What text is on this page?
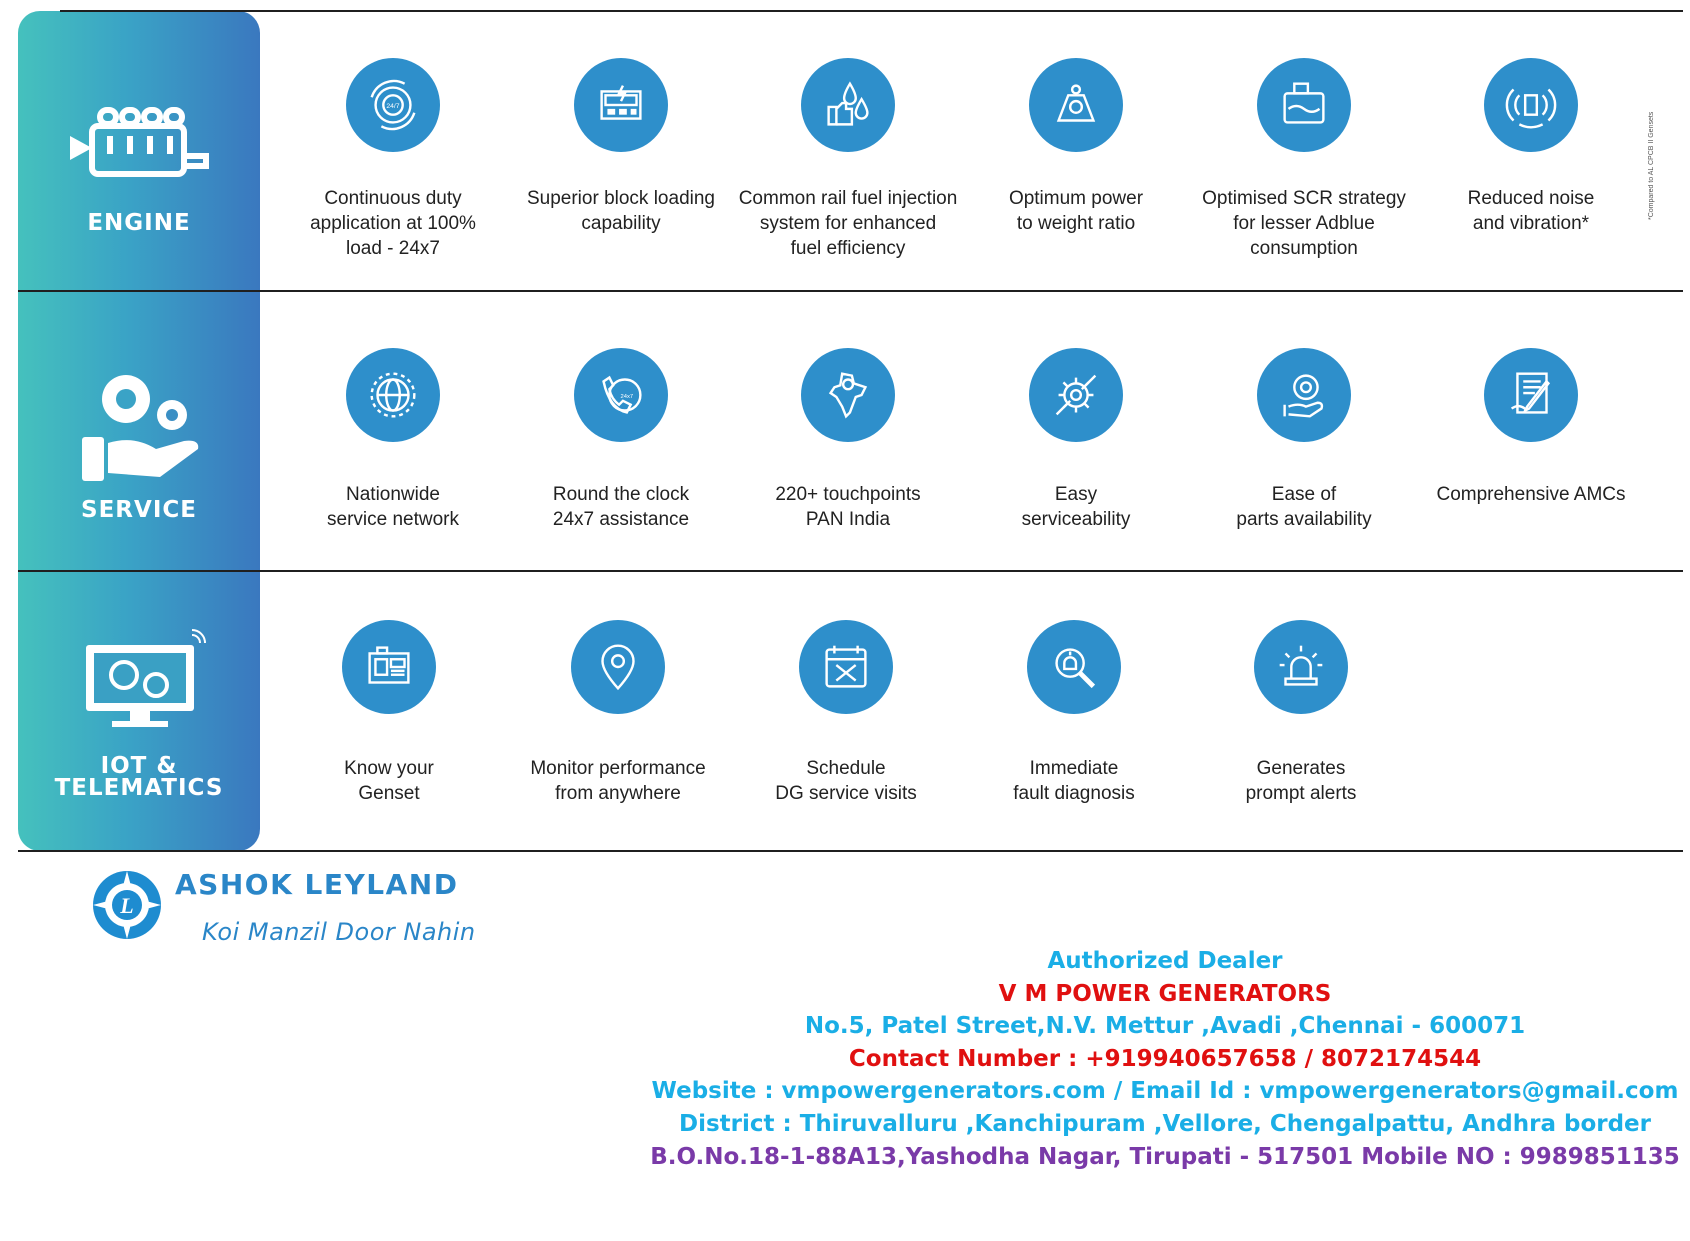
ENGINE
SERVICE
IOT &
TELEMATICS
*Compared to AL CPCB II Gensets
24/7
Continuous duty
application at 100%
load - 24x7
Superior block loading
capability
Common rail fuel injection
system for enhanced
fuel efficiency
Optimum power
to weight ratio
Optimised SCR strategy
for lesser Adblue
consumption
Reduced noise
and vibration*
Nationwide
service network
24x7
Round the clock
24x7 assistance
220+ touchpoints
PAN India
Easy
serviceability
Ease of
parts availability
Comprehensive AMCs
Know your
Genset
Monitor performance
from anywhere
Schedule
DG service visits
Immediate
fault diagnosis
Generates
prompt alerts
L
ASHOK LEYLAND
Koi Manzil Door Nahin
Authorized Dealer
V M POWER GENERATORS
No.5, Patel Street,N.V. Mettur ,Avadi ,Chennai - 600071
Contact Number : +919940657658 / 8072174544
Website : vmpowergenerators.com / Email Id : vmpowergenerators@gmail.com
District : Thiruvalluru ,Kanchipuram ,Vellore, Chengalpattu, Andhra border
B.O.No.18-1-88A13,Yashodha Nagar, Tirupati - 517501 Mobile NO : 9989851135
